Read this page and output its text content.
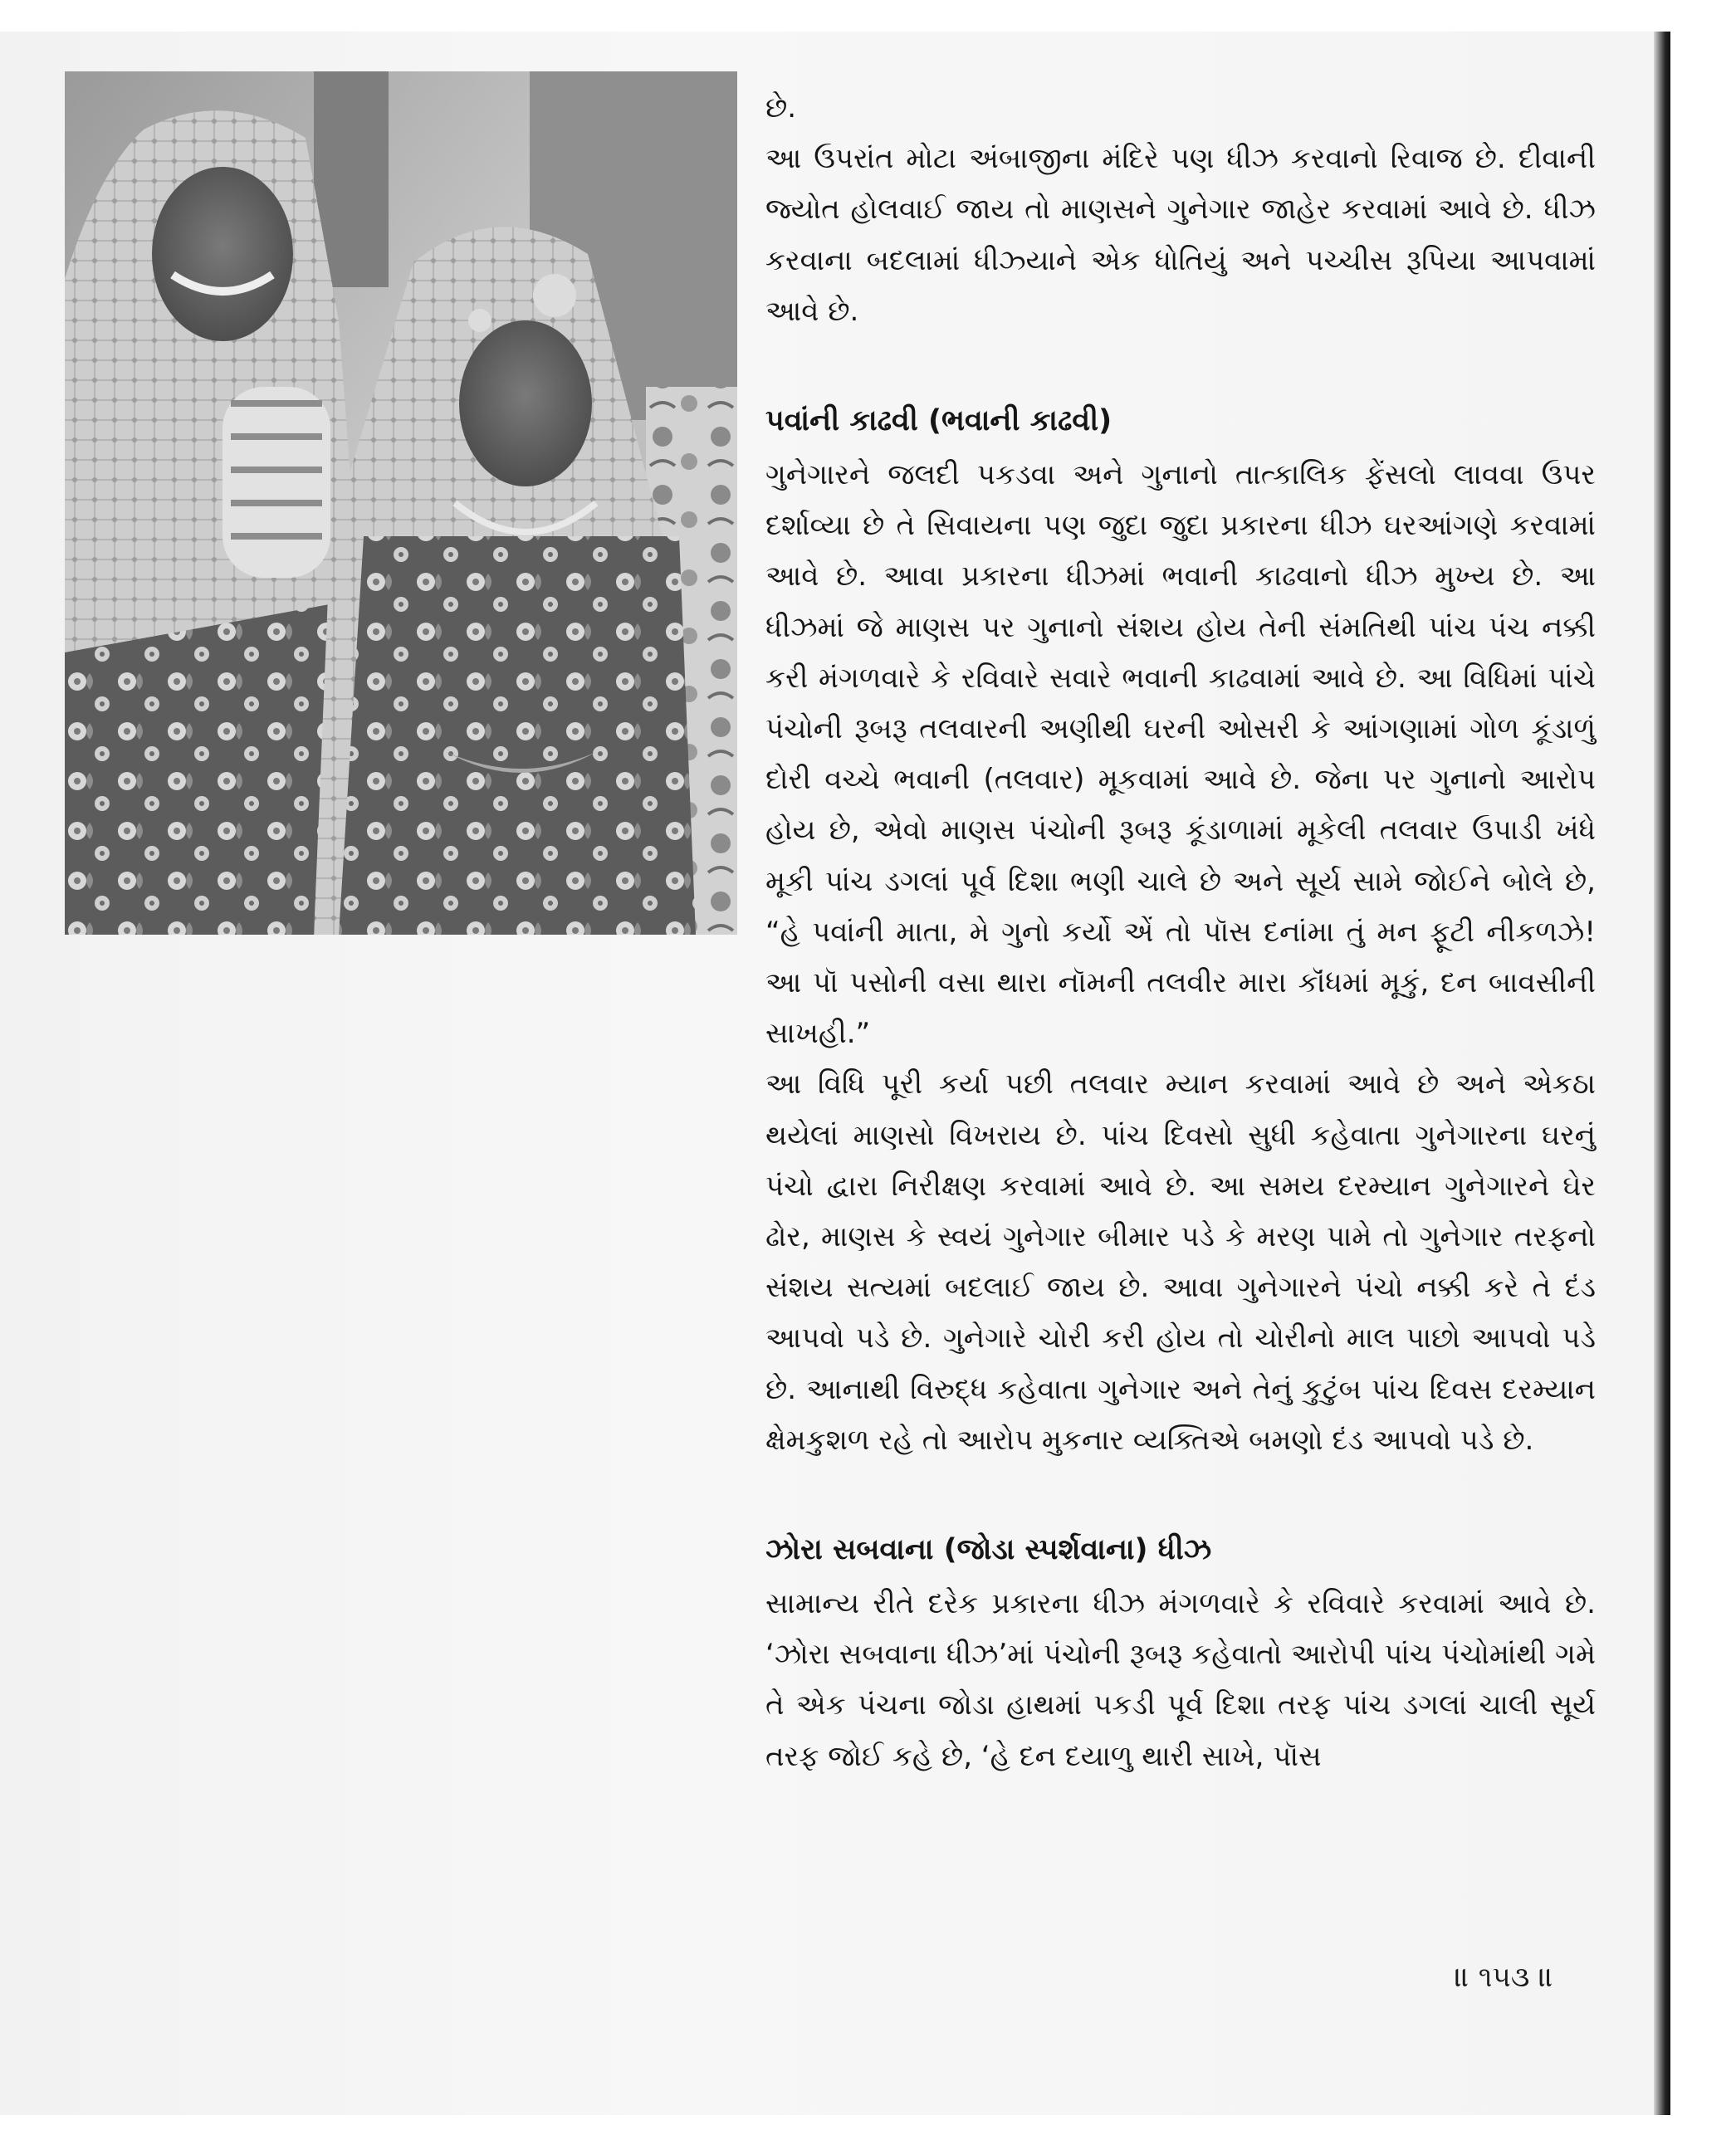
છે.

આ ઉપરાંત મોટા અંબાજીના મંદિરે પણ ધીઝ કરવાનો રિવાજ છે. દીવાની જ્યોત હોલવાઈ જાય તો માણસને ગુનેગાર જાહેર કરવામાં આવે છે. ધીઝ કરવાના બદલામાં ધીઝ્યાને એક ધોતિયું અને પચ્ચીસ રૂપિયા આપવામાં આવે છે.

પવાંની કાઢવી (ભવાની કાઢવી)

ગુનેગારને જલદી પકડવા અને ગુનાનો તાત્કાલિક ફેંસલો લાવવા ઉપર દર્શાવ્યા છે તે સિવાયના પણ જુદા જુદા પ્રકારના ધીઝ ઘરઆંગણે કરવામાં આવે છે. આવા પ્રકારના ધીઝમાં ભવાની કાઢવાનો ધીઝ મુખ્ય છે. આ ધીઝમાં જે માણસ પર ગુનાનો સંશય હોય તેની સંમતિથી પાંચ પંચ નક્કી કરી મંગળવારે કે રવિવારે સવારે ભવાની કાઢવામાં આવે છે. આ વિધિમાં પાંચે પંચોની રૂબરૂ તલવારની અણીથી ઘરની ઓસરી કે આંગણામાં ગોળ કૂંડાળું દોરી વચ્ચે ભવાની (તલવાર) મૂકવામાં આવે છે. જેના પર ગુનાનો આરોપ હોય છે, એવો માણસ પંચોની રૂબરૂ કૂંડાળામાં મૂકેલી તલવાર ઉપાડી ખંધે મૂકી પાંચ ડગલાં પૂર્વ દિશા ભણી ચાલે છે અને સૂર્ય સામે જોઈને બોલે છે, “હે પવાંની માતા, મે ગુનો કર્યો એં તો પૉસ દનાંમા તું મન ફૂટી નીકળઝે! આ પૉ પસોની વસા થારા નૉમની તલવીર મારા કૉંધમાં મૂકું, દન બાવસીની સાખહી.”

આ વિધિ પૂરી કર્યા પછી તલવાર મ્યાન કરવામાં આવે છે અને એકઠા થયેલાં માણસો વિખરાય છે. પાંચ દિવસો સુધી કહેવાતા ગુનેગારના ઘરનું પંચો દ્વારા નિરીક્ષણ કરવામાં આવે છે. આ સમય દરમ્યાન ગુનેગારને ઘેર ઢોર, માણસ કે સ્વયં ગુનેગાર બીમાર પડે કે મરણ પામે તો ગુનેગાર તરફનો સંશય સત્યમાં બદલાઈ જાય છે. આવા ગુનેગારને પંચો નક્કી કરે તે દંડ આપવો પડે છે. ગુનેગારે ચોરી કરી હોય તો ચોરીનો માલ પાછો આપવો પડે છે. આનાથી વિરુદ્ધ કહેવાતા ગુનેગાર અને તેનું કુટુંબ પાંચ દિવસ દરમ્યાન ક્ષેમકુશળ રહે તો આરોપ મુકનાર વ્યક્તિએ બમણો દંડ આપવો પડે છે.

ઝોરા સબવાના (જોડા સ્પર્શવાના) ધીઝ

સામાન્ય રીતે દરેક પ્રકારના ધીઝ મંગળવારે કે રવિવારે કરવામાં આવે છે. ‘ઝોરા સબવાના ધીઝ’માં પંચોની રૂબરૂ કહેવાતો આરોપી પાંચ પંચોમાંથી ગમે તે એક પંચના જોડા હાથમાં પકડી પૂર્વ દિશા તરફ પાંચ ડગલાં ચાલી સૂર્ય તરફ જોઈ કહે છે, ‘હે દન દયાળુ થારી સાખે, પૉસ

॥ ૧૫૩ ॥
